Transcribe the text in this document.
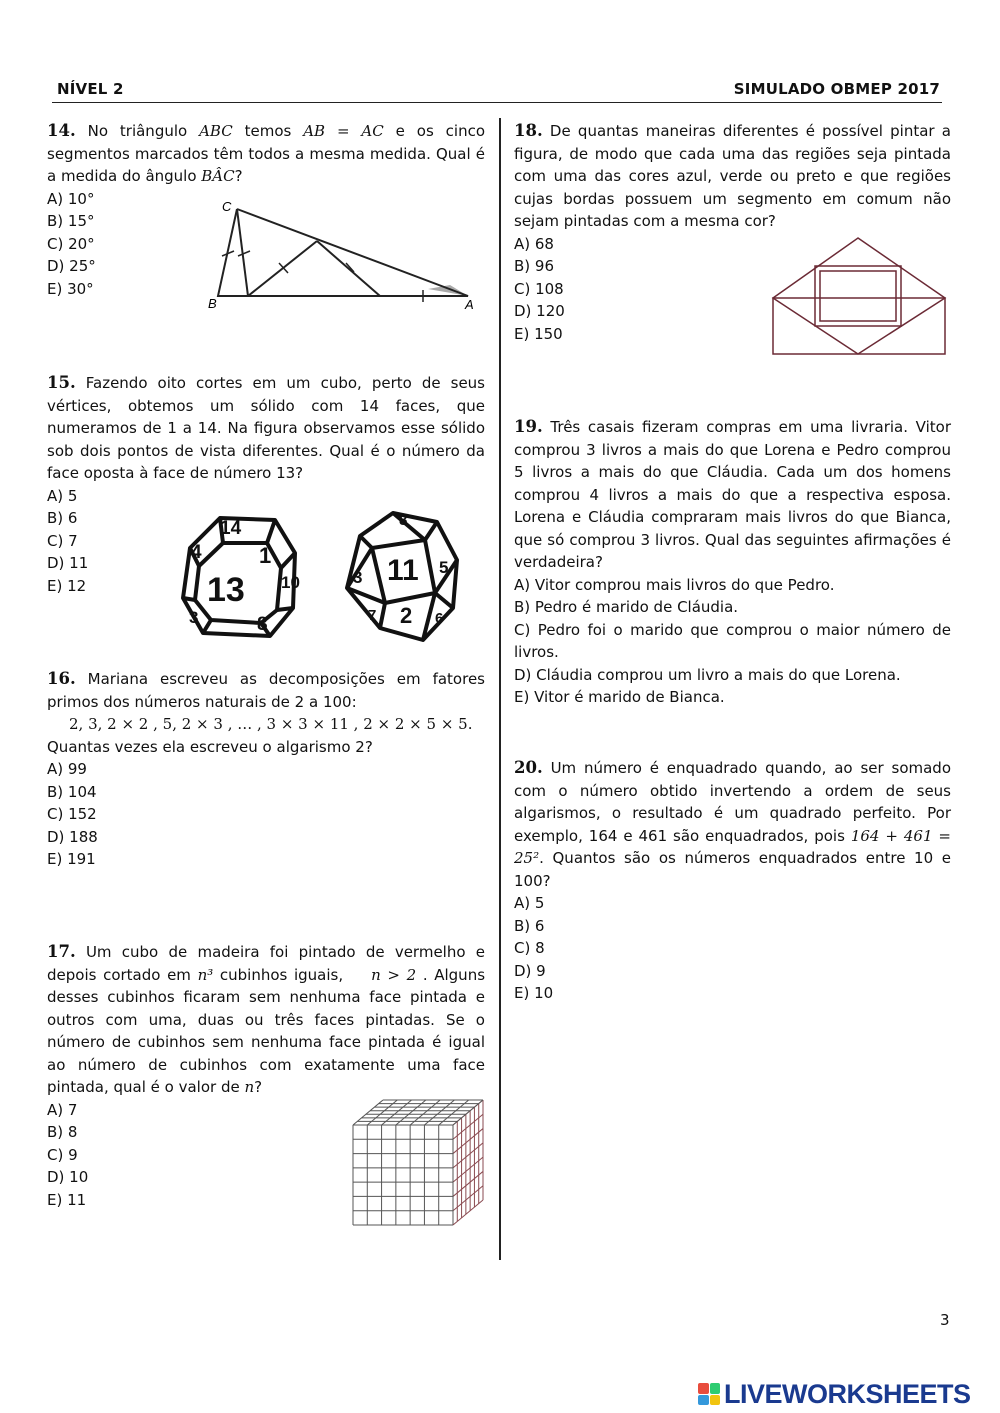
NÍVEL 2	SIMULADO OBMEP 2017

14. No triângulo ABC temos AB = AC e os cinco segmentos marcados têm todos a mesma medida. Qual é a medida do ângulo BÂC?

A) 10°
B) 15°
C) 20°
D) 25°
E) 30°
C
B	A

15. Fazendo oito cortes em um cubo, perto de seus vértices, obtemos um sólido com 14 faces, que numeramos de 1 a 14. Na figura observamos esse sólido sob dois pontos de vista diferentes. Qual é o número da face oposta à face de número 13?

A) 5
B) 6
C) 7
D) 11
E) 12
14
4	1
13 10
3	8
8
11 5
3
2
7	6

16. Mariana escreveu as decomposições em fatores primos dos números naturais de 2 a 100:

2, 3, 2 × 2 , 5, 2 × 3 , … , 3 × 3 × 11 , 2 × 2 × 5 × 5.

Quantas vezes ela escreveu o algarismo 2?

A) 99
B) 104
C) 152
D) 188
E) 191

17. Um cubo de madeira foi pintado de vermelho e depois cortado em n³ cubinhos iguais, n > 2 . Alguns desses cubinhos ficaram sem nenhuma face pintada e outros com uma, duas ou três faces pintadas. Se o número de cubinhos sem nenhuma face pintada é igual ao número de cubinhos com exatamente uma face pintada, qual é o valor de n?

A) 7
B) 8
C) 9
D) 10
E) 11

18. De quantas maneiras diferentes é possível pintar a figura, de modo que cada uma das regiões seja pintada com uma das cores azul, verde ou preto e que regiões cujas bordas possuem um segmento em comum não sejam pintadas com a mesma cor?

A) 68
B) 96
C) 108
D) 120
E) 150

19. Três casais fizeram compras em uma livraria. Vitor comprou 3 livros a mais do que Lorena e Pedro comprou 5 livros a mais do que Cláudia. Cada um dos homens comprou 4 livros a mais do que a respectiva esposa. Lorena e Cláudia compraram mais livros do que Bianca, que só comprou 3 livros. Qual das seguintes afirmações é verdadeira?

A) Vitor comprou mais livros do que Pedro.
B) Pedro é marido de Cláudia.
C) Pedro foi o marido que comprou o maior número de livros.
D) Cláudia comprou um livro a mais do que Lorena.
E) Vitor é marido de Bianca.

20. Um número é enquadrado quando, ao ser somado com o número obtido invertendo a ordem de seus algarismos, o resultado é um quadrado perfeito. Por exemplo, 164 e 461 são enquadrados, pois 164 + 461 = 25². Quantos são os números enquadrados entre 10 e 100?

A) 5
B) 6
C) 8
D) 9
E) 10
3
LIVEWORKSHEETS
